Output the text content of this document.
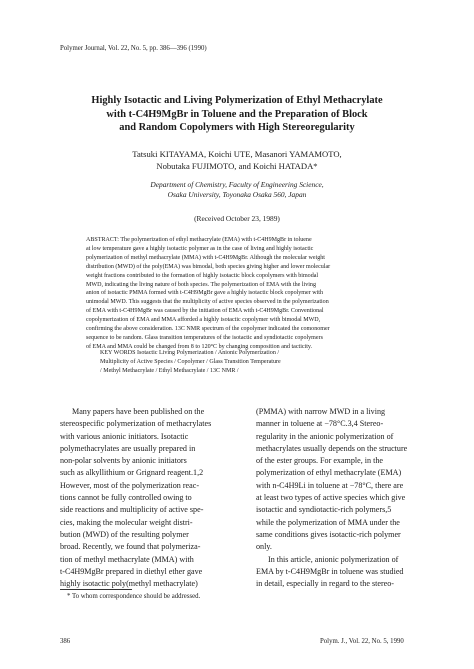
Polymer Journal, Vol. 22, No. 5, pp. 386—396 (1990)
Highly Isotactic and Living Polymerization of Ethyl Methacrylate
with t-C4H9MgBr in Toluene and the Preparation of Block
and Random Copolymers with High Stereoregularity
Tatsuki KITAYAMA, Koichi UTE, Masanori YAMAMOTO,
Nobutaka FUJIMOTO, and Koichi HATADA*
Department of Chemistry, Faculty of Engineering Science,
Osaka University, Toyonaka Osaka 560, Japan
(Received October 23, 1989)
ABSTRACT: The polymerization of ethyl methacrylate (EMA) with t-C4H9MgBr in toluene
at low temperature gave a highly isotactic polymer as in the case of living and highly isotactic
polymerization of methyl methacrylate (MMA) with t-C4H9MgBr. Although the molecular weight
distribution (MWD) of the poly(EMA) was bimodal, both species giving higher and lower molecular
weight fractions contributed to the formation of highly isotactic block copolymers with bimodal
MWD, indicating the living nature of both species. The polymerization of EMA with the living
anion of isotactic PMMA formed with t-C4H9MgBr gave a highly isotactic block copolymer with
unimodal MWD. This suggests that the multiplicity of active species observed in the polymerization
of EMA with t-C4H9MgBr was caused by the initiation of EMA with t-C4H9MgBr. Conventional
copolymerization of EMA and MMA afforded a highly isotactic copolymer with bimodal MWD,
confirming the above consideration. 13C NMR spectrum of the copolymer indicated the comonomer
sequence to be random. Glass transition temperatures of the isotactic and syndiotactic copolymers
of EMA and MMA could be changed from 8 to 120°C by changing composition and tacticity.
KEY WORDS Isotactic Living Polymerization / Anionic Polymerization /
Multiplicity of Active Species / Copolymer / Glass Transition Temperature
/ Methyl Methacrylate / Ethyl Methacrylate / 13C NMR /
Many papers have been published on the
stereospecific polymerization of methacrylates
with various anionic initiators. Isotactic
polymethacrylates are usually prepared in
non-polar solvents by anionic initiators
such as alkyllithium or Grignard reagent.1,2
However, most of the polymerization reac-
tions cannot be fully controlled owing to
side reactions and multiplicity of active spe-
cies, making the molecular weight distri-
bution (MWD) of the resulting polymer
broad. Recently, we found that polymeriza-
tion of methyl methacrylate (MMA) with
t-C4H9MgBr prepared in diethyl ether gave
highly isotactic poly(methyl methacrylate)
(PMMA) with narrow MWD in a living
manner in toluene at −78°C.3,4 Stereo-
regularity in the anionic polymerization of
methacrylates usually depends on the structure
of the ester groups. For example, in the
polymerization of ethyl methacrylate (EMA)
with n-C4H9Li in toluene at −78°C, there are
at least two types of active species which give
isotactic and syndiotactic-rich polymers,5
while the polymerization of MMA under the
same conditions gives isotactic-rich polymer
only.
In this article, anionic polymerization of
EMA by t-C4H9MgBr in toluene was studied
in detail, especially in regard to the stereo-
* To whom correspondence should be addressed.
386	Polym. J., Vol. 22, No. 5, 1990
